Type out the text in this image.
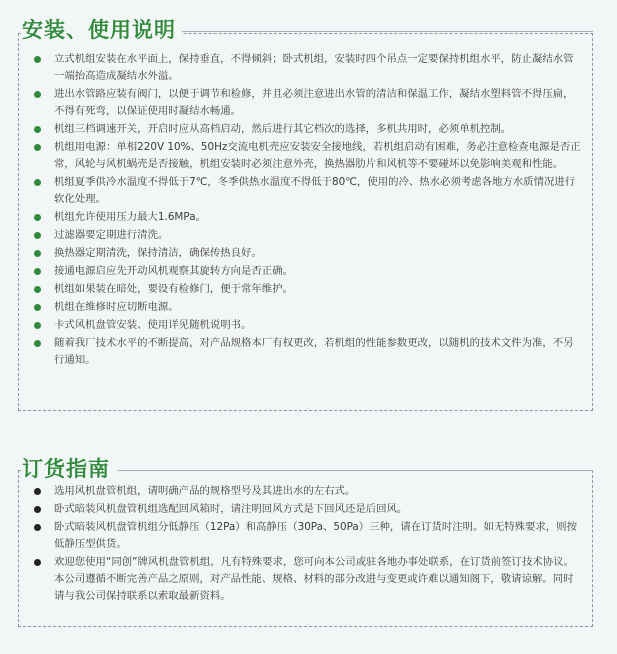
安装、使用说明
立式机组安装在水平面上，保持垂直，不得倾斜；卧式机组，安装时四个吊点一定要保持机组水平，防止凝结水管一端抬高造成凝结水外溢。
进出水管路应装有阀门，以便于调节和检修，并且必须注意进出水管的清洁和保温工作，凝结水塑料管不得压扁，不得有死弯，以保证使用时凝结水畅通。
机组三档调速开关，开启时应从高档启动，然后进行其它档次的选择，多机共用时，必须单机控制。
机组用电源：单相220V 10%、50Hz交流电机壳应安装安全接地线，若机组启动有困难，务必注意检查电源是否正常，风轮与风机蜗壳是否接触，机组安装时必须注意外壳，换热器肋片和风机等不要碰坏以免影响美观和性能。
机组夏季供冷水温度不得低于7℃，冬季供热水温度不得低于80℃，使用的冷、热水必须考虑各地方水质情况进行软化处理。
机组允许使用压力最大1.6MPa。
过滤器要定期进行清洗。
换热器定期清洗，保持清洁，确保传热良好。
接通电源启应先开动风机观察其旋转方向是否正确。
机组如果装在暗处，要设有检修门，便于常年维护。
机组在维修时应切断电源。
卡式风机盘管安装、使用详见随机说明书。
随着我厂技术水平的不断提高，对产品规格本厂有权更改，若机组的性能参数更改，以随机的技术文件为准，不另行通知。
订货指南
选用风机盘管机组，请明确产品的规格型号及其进出水的左右式。
卧式暗装风机盘管机组选配回风箱时，请注明回风方式是下回风还是后回风。
卧式暗装风机盘管机组分低静压（12Pa）和高静压（30Pa、50Pa）三种，请在订货时注明。如无特殊要求，则按低静压型供货。
欢迎您使用“同创”牌风机盘管机组，凡有特殊要求，您可向本公司或驻各地办事处联系，在订货前签订技术协议。本公司遵循不断完善产品之原则，对产品性能、规格、材料的部分改进与变更或许难以通知阁下，敬请谅解。同时请与我公司保持联系以索取最新资料。
